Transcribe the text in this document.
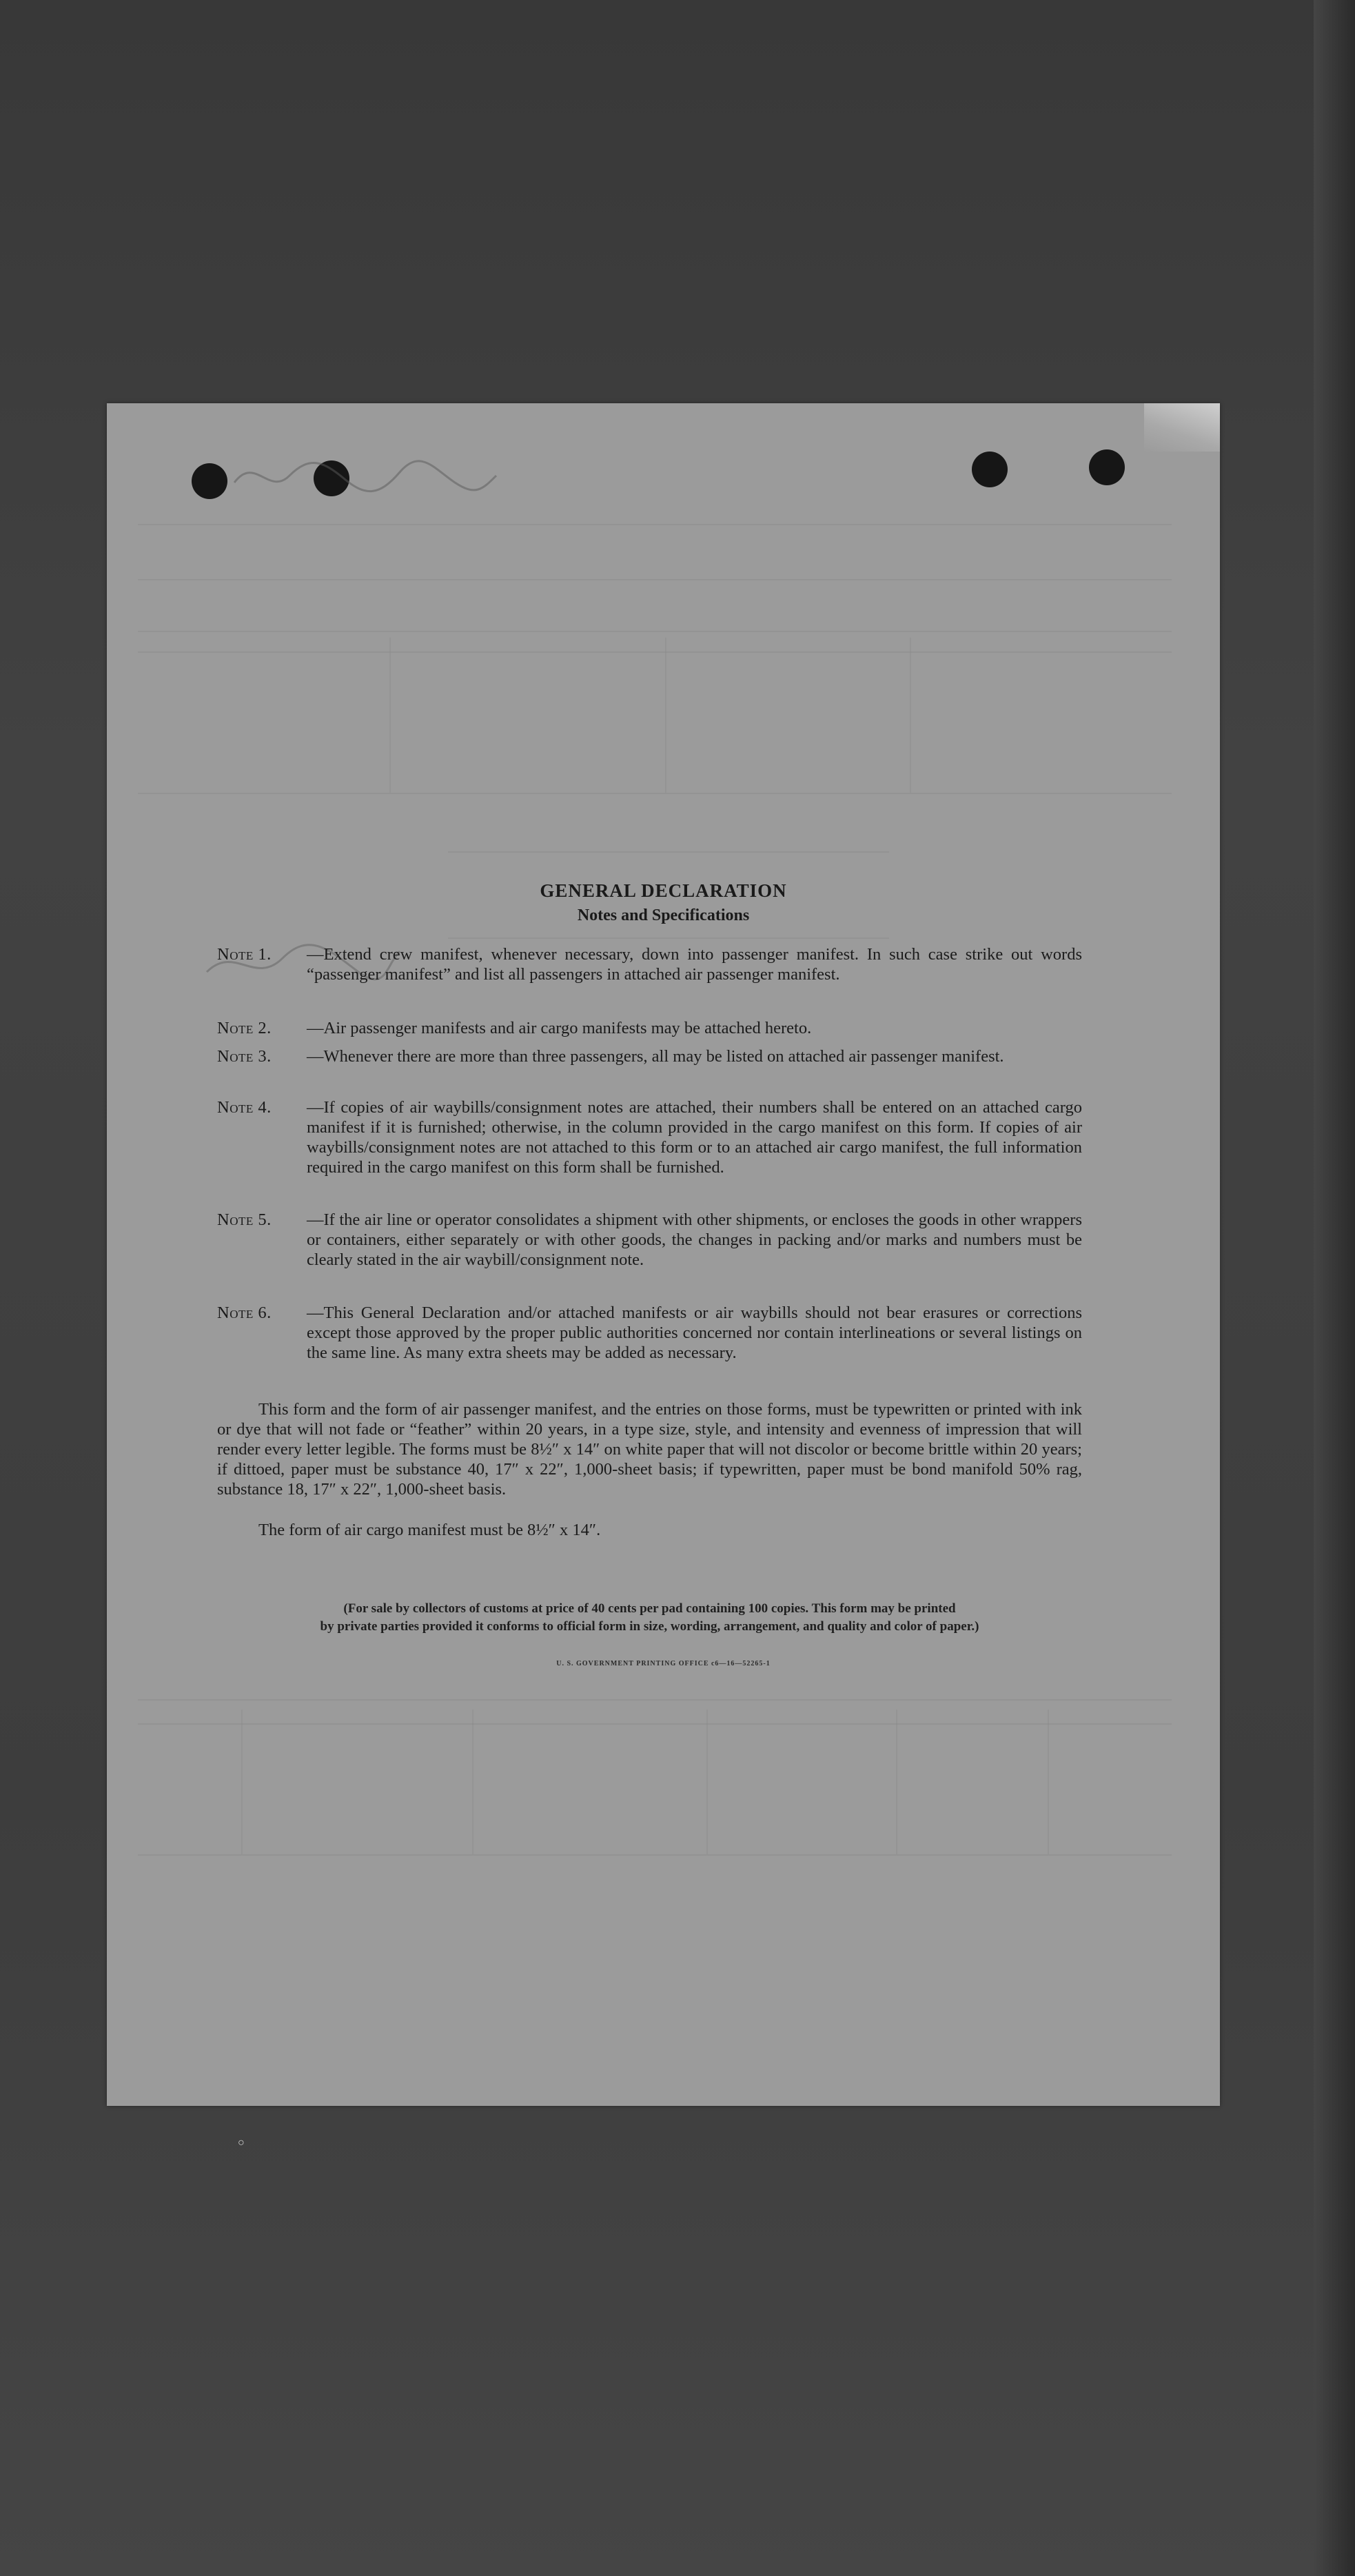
GENERAL DECLARATION
Notes and Specifications
Note 1.	—Extend crew manifest, whenever necessary, down into passenger manifest. In such case strike out words “passenger manifest” and list all passengers in attached air passenger manifest.
Note 2.	—Air passenger manifests and air cargo manifests may be attached hereto.
Note 3.	—Whenever there are more than three passengers, all may be listed on attached air passenger manifest.
Note 4.	—If copies of air waybills/consignment notes are attached, their numbers shall be entered on an attached cargo manifest if it is furnished; otherwise, in the column provided in the cargo manifest on this form. If copies of air waybills/consignment notes are not attached to this form or to an attached air cargo manifest, the full information required in the cargo manifest on this form shall be furnished.
Note 5.	—If the air line or operator consolidates a shipment with other shipments, or encloses the goods in other wrappers or containers, either separately or with other goods, the changes in packing and/or marks and numbers must be clearly stated in the air waybill/consignment note.
Note 6.	—This General Declaration and/or attached manifests or air waybills should not bear erasures or corrections except those approved by the proper public authorities concerned nor contain interlineations or several listings on the same line. As many extra sheets may be added as necessary.
This form and the form of air passenger manifest, and the entries on those forms, must be typewritten or printed with ink or dye that will not fade or “feather” within 20 years, in a type size, style, and intensity and evenness of impression that will render every letter legible. The forms must be 8½″ x 14″ on white paper that will not discolor or become brittle within 20 years; if dittoed, paper must be substance 40, 17″ x 22″, 1,000-sheet basis; if typewritten, paper must be bond manifold 50% rag, substance 18, 17″ x 22″, 1,000-sheet basis.
The form of air cargo manifest must be 8½″ x 14″.
(For sale by collectors of customs at price of 40 cents per pad containing 100 copies. This form may be printed
by private parties provided it conforms to official form in size, wording, arrangement, and quality and color of paper.)
U. S. GOVERNMENT PRINTING OFFICE c6—16—52265-1
○
